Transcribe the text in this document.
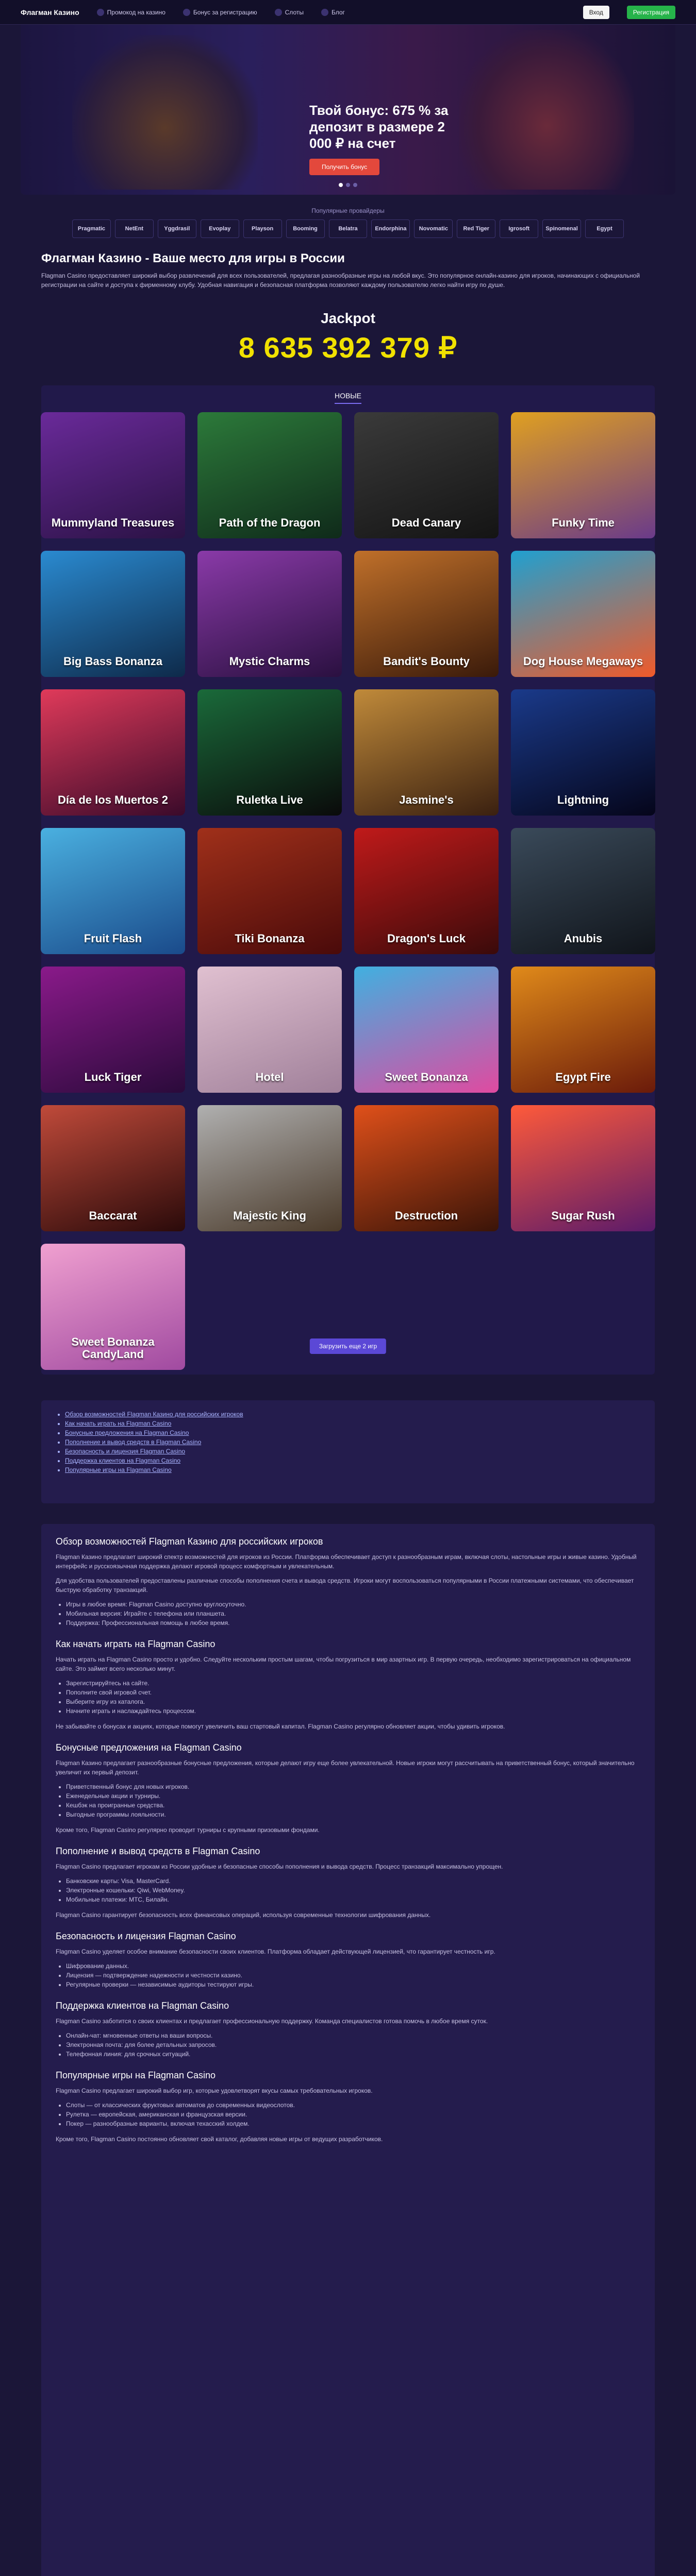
Флагман Казино	Промокод на казино	Бонус за регистрацию	Слоты	Блог	Вход	Регистрация
Твой бонус: 675 % за депозит в размере 2 000 ₽ на счет
Получить бонус
Популярные провайдеры
Pragmatic	NetEnt	Yggdrasil	Evoplay	Playson	Booming	Belatra	Endorphina	Novomatic	Red Tiger	Igrosoft	Spinomenal	Egypt
Флагман Казино - Ваше место для игры в России

Flagman Casino предоставляет широкий выбор развлечений для всех пользователей, предлагая разнообразные игры на любой вкус. Это популярное онлайн-казино для игроков, начинающих с официальной регистрации на сайте и доступа к фирменному клубу. Удобная навигация и безопасная платформа позволяют каждому пользователю легко найти игру по душе.

Jackpot
8 635 392 379 ₽
НОВЫЕ
Mummyland Treasures	Path of the Dragon	Dead Canary	Funky Time
Big Bass Bonanza	Mystic Charms	Bandit's Bounty	Dog House Megaways
Día de los Muertos 2	Ruletka Live	Jasmine's	Lightning
Fruit Flash	Tiki Bonanza	Dragon's Luck	Anubis
Luck Tiger	Hotel	Sweet Bonanza	Egypt Fire
Baccarat	Majestic King	Destruction	Sugar Rush
Sweet Bonanza CandyLand
Загрузить еще 2 игр
• Обзор возможностей Flagman Казино для российских игроков
• Как начать играть на Flagman Casino
• Бонусные предложения на Flagman Casino
• Пополнение и вывод средств в Flagman Casino
• Безопасность и лицензия Flagman Casino
• Поддержка клиентов на Flagman Casino
• Популярные игры на Flagman Casino
Обзор возможностей Flagman Казино для российских игроков

Flagman Казино предлагает широкий спектр возможностей для игроков из России. Платформа обеспечивает доступ к разнообразным играм, включая слоты, настольные игры и живые казино. Удобный интерфейс и русскоязычная поддержка делают игровой процесс комфортным и увлекательным.

Для удобства пользователей предоставлены различные способы пополнения счета и вывода средств. Игроки могут воспользоваться популярными в России платежными системами, что обеспечивает быструю обработку транзакций.

• Игры в любое время: Flagman Casino доступно круглосуточно.
• Мобильная версия: Играйте с телефона или планшета.
• Поддержка: Профессиональная помощь в любое время.
Как начать играть на Flagman Casino

Начать играть на Flagman Casino просто и удобно. Следуйте нескольким простым шагам, чтобы погрузиться в мир азартных игр. В первую очередь, необходимо зарегистрироваться на официальном сайте. Это займет всего несколько минут.

• Зарегистрируйтесь на сайте.
• Пополните свой игровой счет.
• Выберите игру из каталога.
• Начните играть и наслаждайтесь процессом.

Не забывайте о бонусах и акциях, которые помогут увеличить ваш стартовый капитал. Flagman Casino регулярно обновляет акции, чтобы удивить игроков.

Бонусные предложения на Flagman Casino

Flagman Казино предлагает разнообразные бонусные предложения, которые делают игру еще более увлекательной. Новые игроки могут рассчитывать на приветственный бонус, который значительно увеличит их первый депозит.

• Приветственный бонус для новых игроков.
• Еженедельные акции и турниры.
• Кешбэк на проигранные средства.
• Выгодные программы лояльности.

Кроме того, Flagman Casino регулярно проводит турниры с крупными призовыми фондами.

Пополнение и вывод средств в Flagman Casino

Flagman Casino предлагает игрокам из России удобные и безопасные способы пополнения и вывода средств. Процесс транзакций максимально упрощен.

• Банковские карты: Visa, MasterCard.
• Электронные кошельки: Qiwi, WebMoney.
• Мобильные платежи: МТС, Билайн.

Flagman Casino гарантирует безопасность всех финансовых операций, используя современные технологии шифрования данных.

Безопасность и лицензия Flagman Casino

Flagman Casino уделяет особое внимание безопасности своих клиентов. Платформа обладает действующей лицензией, что гарантирует честность игр.

• Шифрование данных.
• Лицензия — подтверждение надежности и честности казино.
• Регулярные проверки — независимые аудиторы тестируют игры.
Поддержка клиентов на Flagman Casino

Flagman Casino заботится о своих клиентах и предлагает профессиональную поддержку. Команда специалистов готова помочь в любое время суток.

• Онлайн-чат: мгновенные ответы на ваши вопросы.
• Электронная почта: для более детальных запросов.
• Телефонная линия: для срочных ситуаций.
Популярные игры на Flagman Casino

Flagman Casino предлагает широкий выбор игр, которые удовлетворят вкусы самых требовательных игроков.

• Слоты — от классических фруктовых автоматов до современных видеослотов.
• Рулетка — европейская, американская и французская версии.
• Покер — разнообразные варианты, включая техасский холдем.

Кроме того, Flagman Casino постоянно обновляет свой каталог, добавляя новые игры от ведущих разработчиков.
